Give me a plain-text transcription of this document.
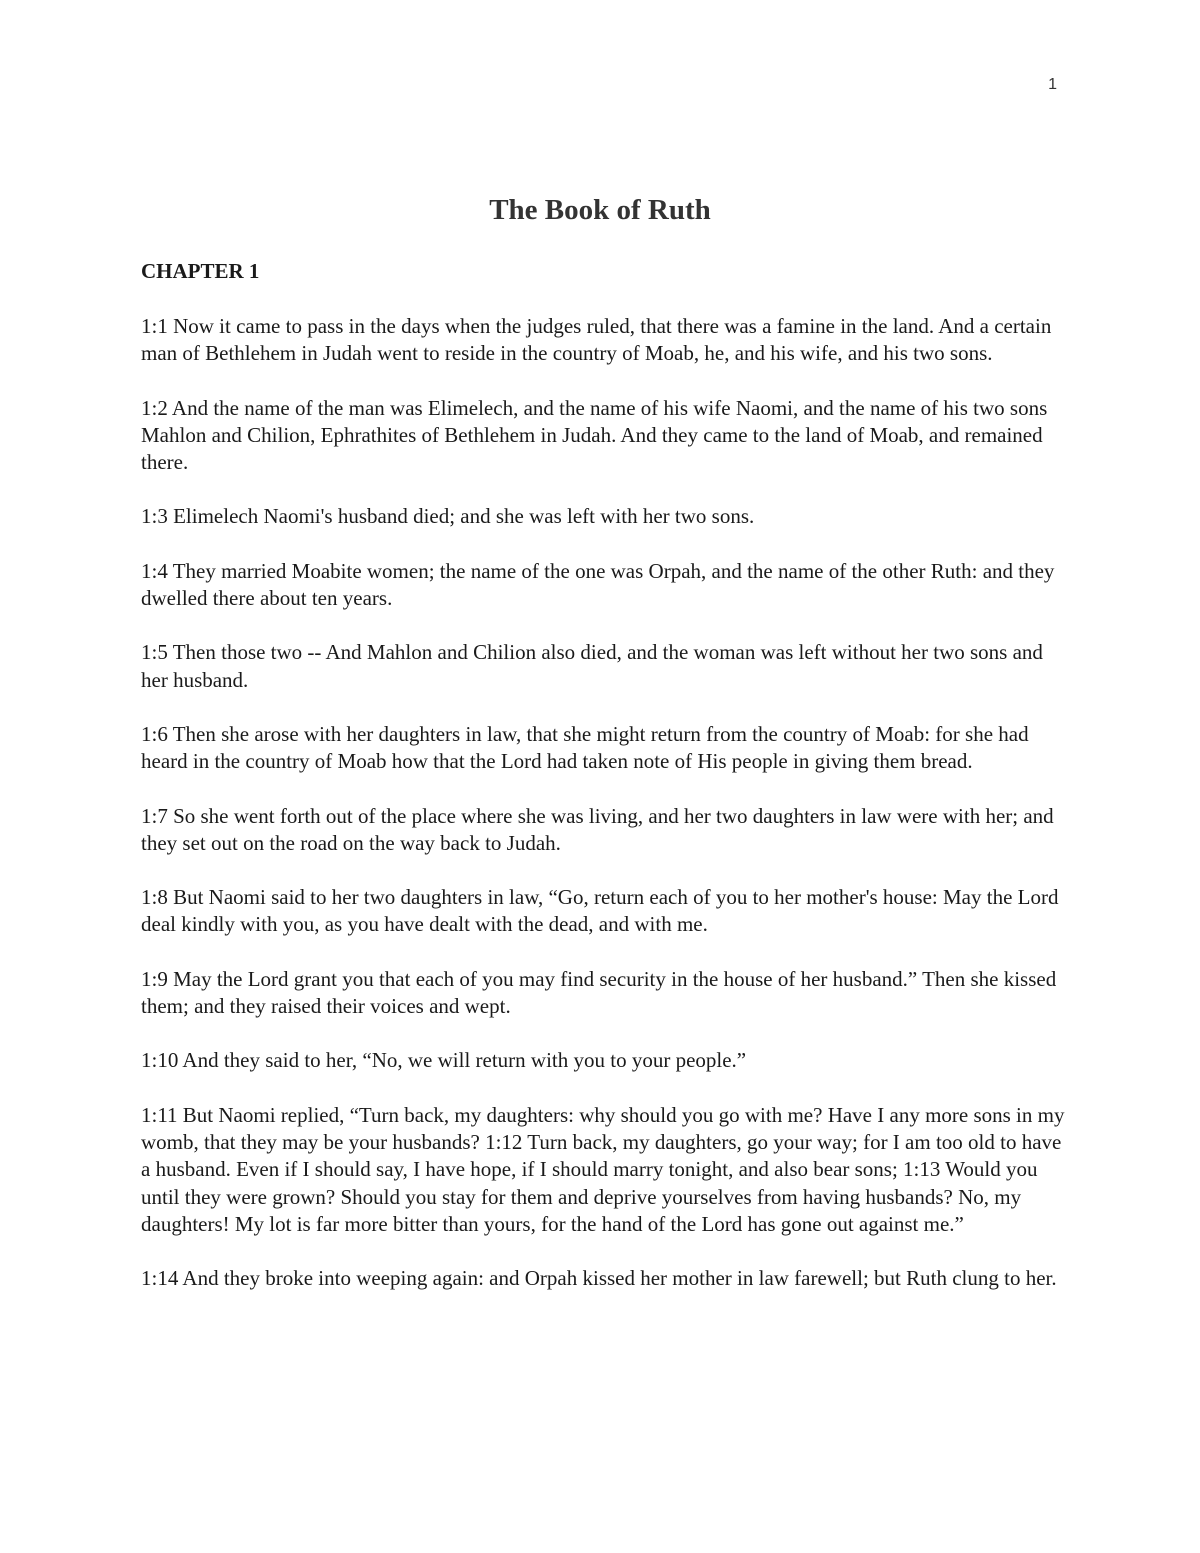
1
The Book of Ruth
CHAPTER 1

1:1 Now it came to pass in the days when the judges ruled, that there was a famine in the land. And a certain man of Bethlehem in Judah went to reside in the country of Moab, he, and his wife, and his two sons.

1:2 And the name of the man was Elimelech, and the name of his wife Naomi, and the name of his two sons Mahlon and Chilion, Ephrathites of Bethlehem in Judah. And they came to the land of Moab, and remained there.

1:3 Elimelech Naomi's husband died; and she was left with her two sons.

1:4 They married Moabite women; the name of the one was Orpah, and the name of the other Ruth: and they dwelled there about ten years.

1:5 Then those two -- And Mahlon and Chilion also died, and the woman was left without her two sons and her husband.

1:6 Then she arose with her daughters in law, that she might return from the country of Moab: for she had heard in the country of Moab how that the Lord had taken note of His people in giving them bread.

1:7 So she went forth out of the place where she was living, and her two daughters in law were with her; and they set out on the road on the way back to Judah.

1:8 But Naomi said to her two daughters in law, “Go, return each of you to her mother's house: May the Lord deal kindly with you, as you have dealt with the dead, and with me.

1:9 May the Lord grant you that each of you may find security in the house of her husband.” Then she kissed them; and they raised their voices and wept.

1:10 And they said to her, “No, we will return with you to your people.”

1:11 But Naomi replied, “Turn back, my daughters: why should you go with me? Have I any more sons in my womb, that they may be your husbands? 1:12 Turn back, my daughters, go your way; for I am too old to have a husband. Even if I should say, I have hope, if I should marry tonight, and also bear sons; 1:13 Would you until they were grown? Should you stay for them and deprive yourselves from having husbands? No, my daughters! My lot is far more bitter than yours, for the hand of the Lord has gone out against me.”

1:14 And they broke into weeping again: and Orpah kissed her mother in law farewell; but Ruth clung to her.
